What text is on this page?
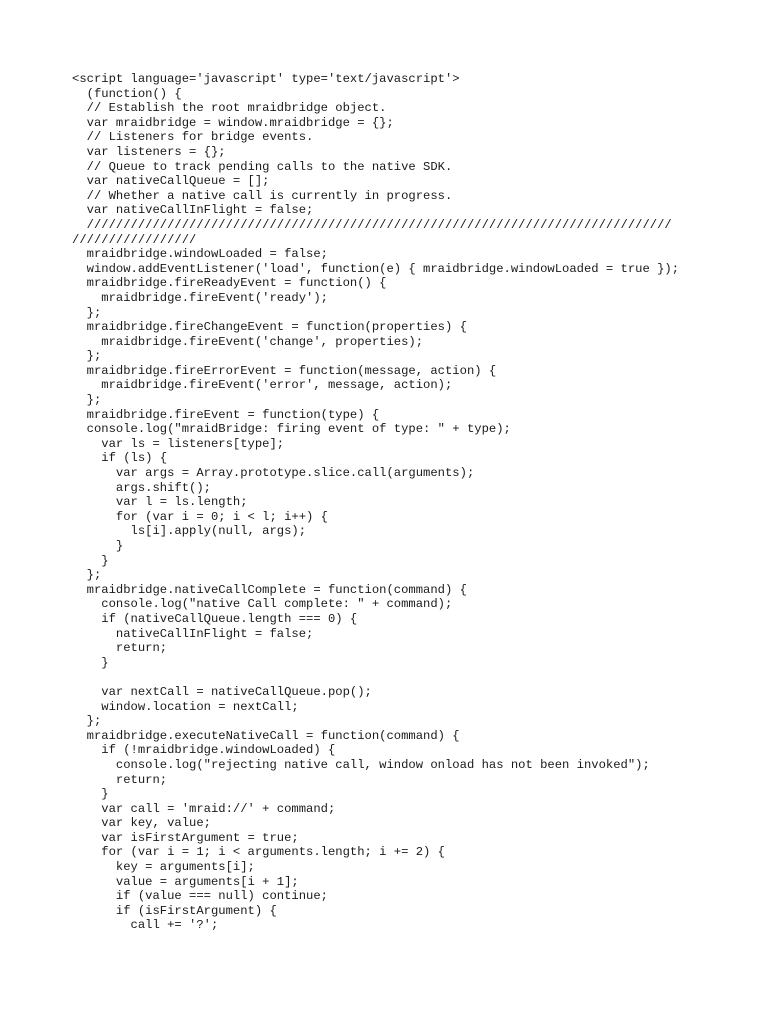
<script language='javascript' type='text/javascript'>
(function() {
// Establish the root mraidbridge object.
var mraidbridge = window.mraidbridge = {};
// Listeners for bridge events.
var listeners = {};
// Queue to track pending calls to the native SDK.
var nativeCallQueue = [];
// Whether a native call is currently in progress.
var nativeCallInFlight = false;
////////////////////////////////////////////////////////////////////////////////
/////////////////
mraidbridge.windowLoaded = false;
window.addEventListener('load', function(e) { mraidbridge.windowLoaded = true });
mraidbridge.fireReadyEvent = function() {
mraidbridge.fireEvent('ready');
};
mraidbridge.fireChangeEvent = function(properties) {
mraidbridge.fireEvent('change', properties);
};
mraidbridge.fireErrorEvent = function(message, action) {
mraidbridge.fireEvent('error', message, action);
};
mraidbridge.fireEvent = function(type) {
console.log("mraidBridge: firing event of type: " + type);
var ls = listeners[type];
if (ls) {
var args = Array.prototype.slice.call(arguments);
args.shift();
var l = ls.length;
for (var i = 0; i < l; i++) {
ls[i].apply(null, args);
}
}
};
mraidbridge.nativeCallComplete = function(command) {
console.log("native Call complete: " + command);
if (nativeCallQueue.length === 0) {
nativeCallInFlight = false;
return;
}
var nextCall = nativeCallQueue.pop();
window.location = nextCall;
};
mraidbridge.executeNativeCall = function(command) {
if (!mraidbridge.windowLoaded) {
console.log("rejecting native call, window onload has not been invoked");
return;
}
var call = 'mraid://' + command;
var key, value;
var isFirstArgument = true;
for (var i = 1; i < arguments.length; i += 2) {
key = arguments[i];
value = arguments[i + 1];
if (value === null) continue;
if (isFirstArgument) {
call += '?';
